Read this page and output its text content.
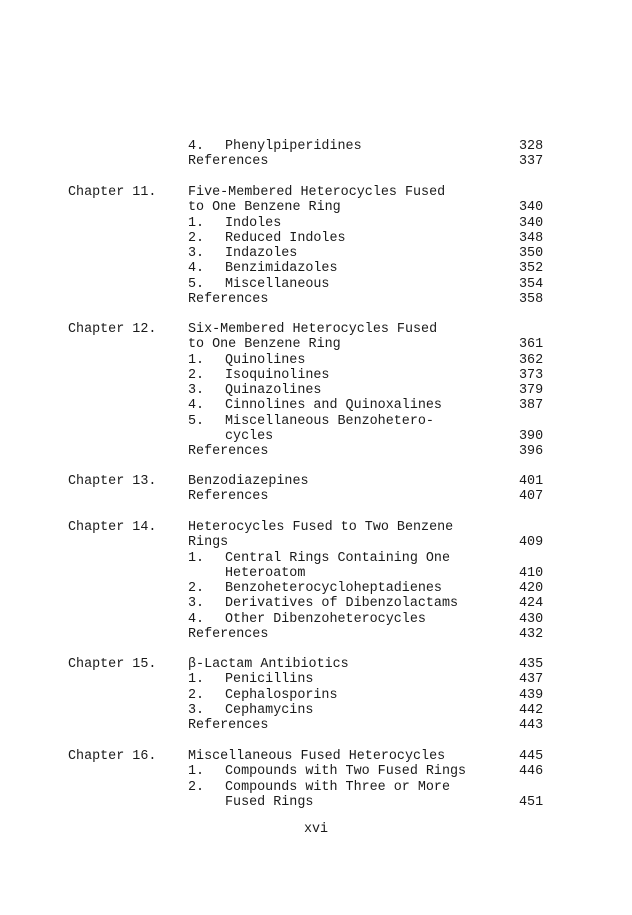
4. Phenylpiperidines	328
References	337
Chapter 11. Five-Membered Heterocycles Fused
to One Benzene Ring	340
1. Indoles	340
2. Reduced Indoles	348
3. Indazoles	350
4. Benzimidazoles	352
5. Miscellaneous	354
References	358
Chapter 12. Six-Membered Heterocycles Fused
to One Benzene Ring	361
1. Quinolines	362
2. Isoquinolines	373
3. Quinazolines	379
4. Cinnolines and Quinoxalines	387
5. Miscellaneous Benzohetero-
cycles	390
References	396
Chapter 13. Benzodiazepines	401
References	407
Chapter 14. Heterocycles Fused to Two Benzene
Rings	409
1. Central Rings Containing One
Heteroatom	410
2. Benzoheterocycloheptadienes	420
3. Derivatives of Dibenzolactams	424
4. Other Dibenzoheterocycles	430
References	432
Chapter 15. β-Lactam Antibiotics	435
1. Penicillins	437
2. Cephalosporins	439
3. Cephamycins	442
References	443
Chapter 16. Miscellaneous Fused Heterocycles	445
1. Compounds with Two Fused Rings	446
2. Compounds with Three or More
Fused Rings	451
xvi
